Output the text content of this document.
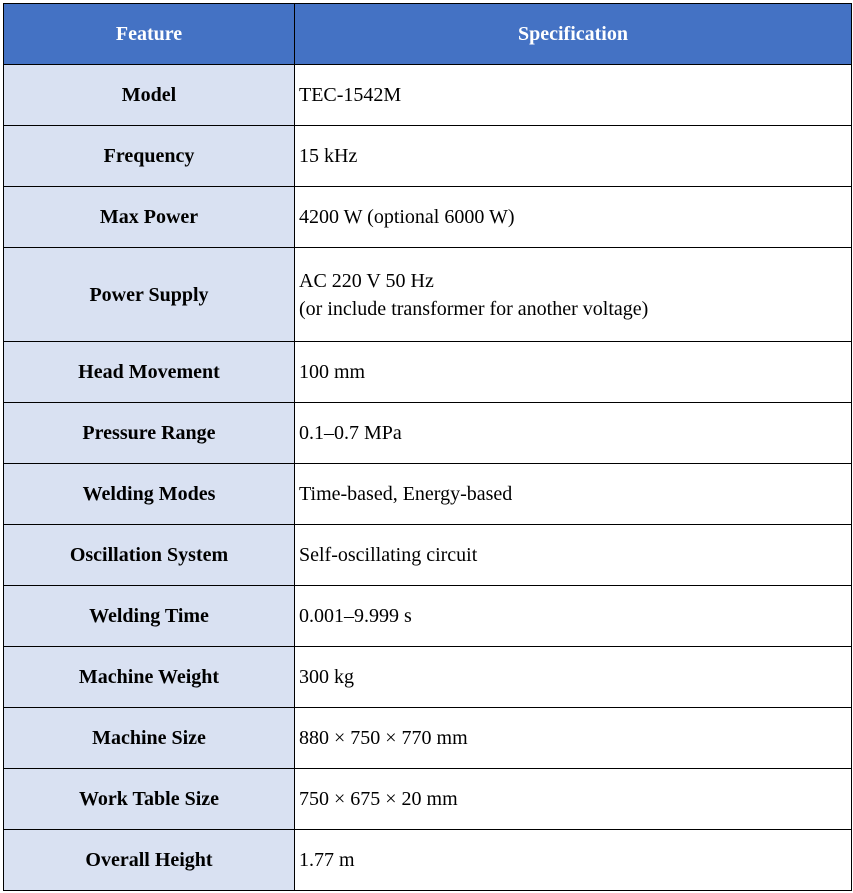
Feature	Specification
Model	TEC-1542M

Frequency	15 kHz

Max Power	4200 W (optional 6000 W)

Power Supply	AC 220 V 50 Hz
(or include transformer for another voltage)

Head Movement	100 mm

Pressure Range	0.1–0.7 MPa

Welding Modes	Time-based, Energy-based

Oscillation System	Self-oscillating circuit

Welding Time	0.001–9.999 s

Machine Weight	300 kg

Machine Size	880 × 750 × 770 mm

Work Table Size	750 × 675 × 20 mm

Overall Height	1.77 m
